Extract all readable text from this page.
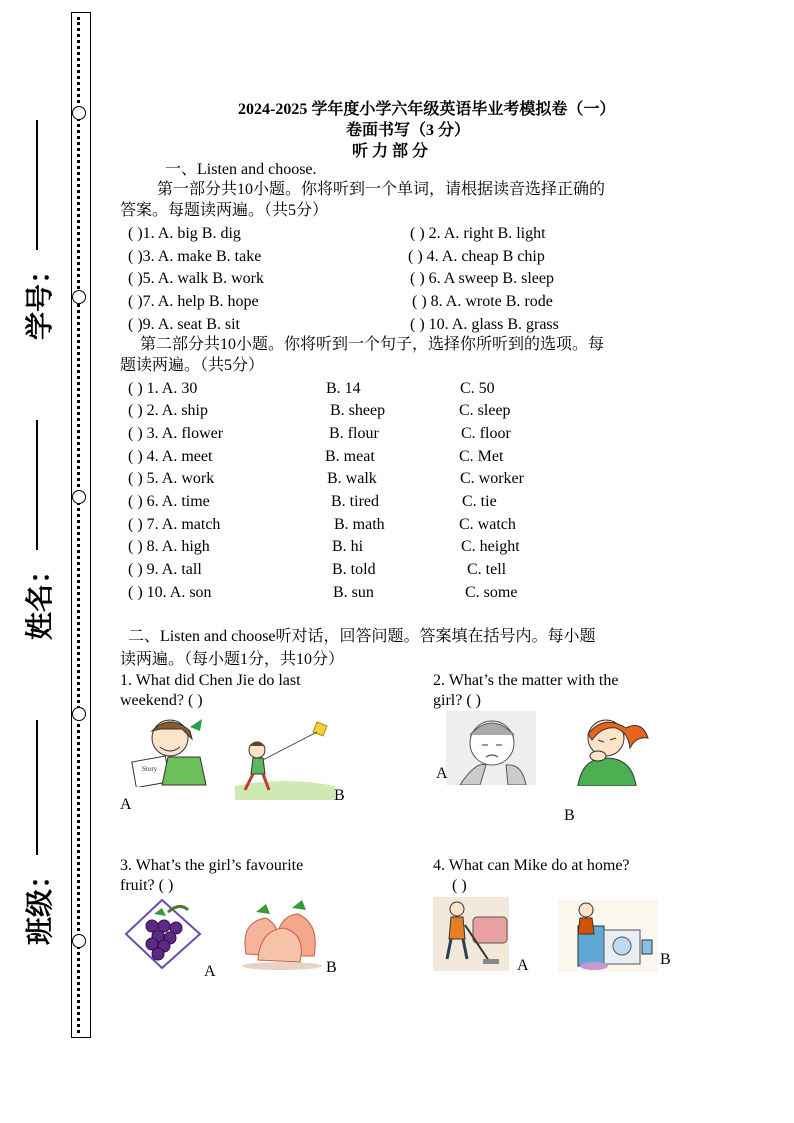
学号：
姓名：
班级：
2024-2025 学年度小学六年级英语毕业考模拟卷（一）
卷面书写（3 分）
听 力 部 分
一、Listen and choose.
第一部分共10小题。你将听到一个单词，请根据读音选择正确的
答案。每题读两遍。（共5分）
( )1. A. big B. dig	( ) 2. A. right B. light
( )3. A. make B. take	( ) 4. A. cheap B chip
( )5. A. walk B. work	( ) 6. A sweep B. sleep
( )7. A. help B. hope	( ) 8. A. wrote B. rode
( )9. A. seat B. sit	( ) 10. A. glass B. grass
第二部分共10小题。你将听到一个句子，选择你所听到的选项。每
题读两遍。（共5分）
( ) 1. A. 30	B. 14	C. 50
( ) 2. A. ship	B. sheep	C. sleep
( ) 3. A. flower	B. flour	C. floor
( ) 4. A. meet	B. meat	C. Met
( ) 5. A. work	B. walk	C. worker
( ) 6. A. time	B. tired	C. tie
( ) 7. A. match	B. math	C. watch
( ) 8. A. high	B. hi	C. height
( ) 9. A. tall	B. told	C. tell
( ) 10. A. son	B. sun	C. some
二、Listen and choose听对话，回答问题。答案填在括号内。每小题
读两遍。（每小题1分，共10分）
1. What did Chen Jie do last
weekend? ( )
2. What’s the matter with the
girl? ( )
Story
A
B
A
B
3. What’s the girl’s favourite
fruit? ( )
4. What can Mike do at home?
( )
A	B	A	B
